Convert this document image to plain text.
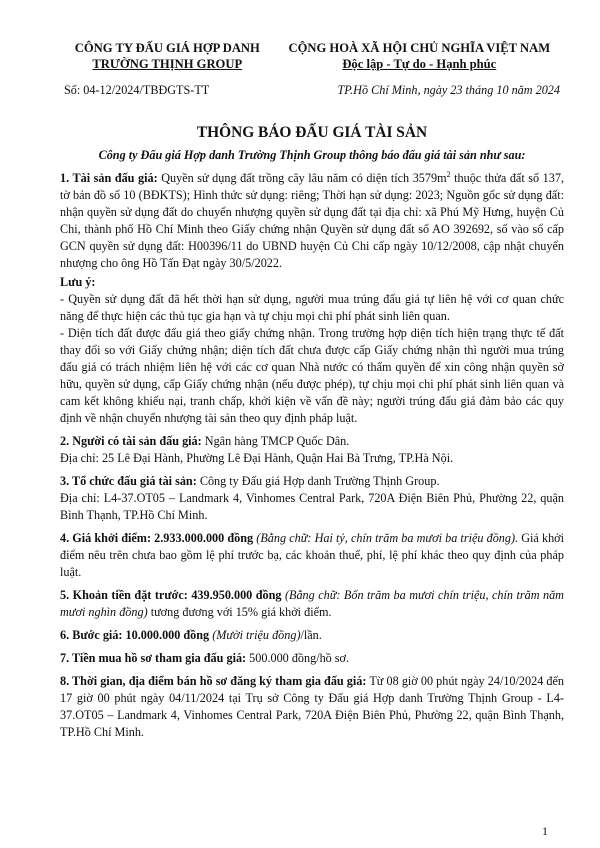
CÔNG TY ĐẤU GIÁ HỢP DANH
TRƯỜNG THỊNH GROUP
CỘNG HOÀ XÃ HỘI CHỦ NGHĨA VIỆT NAM
Độc lập - Tự do - Hạnh phúc
Số: 04-12/2024/TBĐGTS-TT	TP.Hồ Chí Minh, ngày 23 tháng 10 năm 2024
THÔNG BÁO ĐẤU GIÁ TÀI SẢN
Công ty Đấu giá Hợp danh Trường Thịnh Group thông báo đấu giá tài sản như sau:

1. Tài sản đấu giá: Quyền sử dụng đất trồng cây lâu năm có diện tích $3579m^2$ thuộc thửa đất số 137, tờ bản đồ số 10 (BĐKTS); Hình thức sử dụng: riêng; Thời hạn sử dụng: 2023; Nguồn gốc sử dụng đất: nhận quyền sử dụng đất do chuyển nhượng quyền sử dụng đất tại địa chỉ: xã Phú Mỹ Hưng, huyện Củ Chi, thành phố Hồ Chí Minh theo Giấy chứng nhận Quyền sử dụng đất số AO 392692, số vào sổ cấp GCN quyền sử dụng đất: H00396/11 do UBND huyện Củ Chi cấp ngày 10/12/2008, cập nhật chuyển nhượng cho ông Hồ Tấn Đạt ngày 30/5/2022.

Lưu ý:

- Quyền sử dụng đất đã hết thời hạn sử dụng, người mua trúng đấu giá tự liên hệ với cơ quan chức năng để thực hiện các thủ tục gia hạn và tự chịu mọi chi phí phát sinh liên quan.

- Diện tích đất được đấu giá theo giấy chứng nhận. Trong trường hợp diện tích hiện trạng thực tế đất thay đổi so với Giấy chứng nhận; diện tích đất chưa được cấp Giấy chứng nhận thì người mua trúng đấu giá có trách nhiệm liên hệ với các cơ quan Nhà nước có thẩm quyền để xin công nhận quyền sở hữu, quyền sử dụng, cấp Giấy chứng nhận (nếu được phép), tự chịu mọi chi phí phát sinh liên quan và cam kết không khiếu nại, tranh chấp, khởi kiện về vấn đề này; người trúng đấu giá đảm bảo các quy định về nhận chuyển nhượng tài sản theo quy định pháp luật.

2. Người có tài sản đấu giá: Ngân hàng TMCP Quốc Dân.

Địa chỉ: 25 Lê Đại Hành, Phường Lê Đại Hành, Quận Hai Bà Trưng, TP.Hà Nội.

3. Tổ chức đấu giá tài sản: Công ty Đấu giá Hợp danh Trường Thịnh Group.

Địa chỉ: L4-37.OT05 – Landmark 4, Vinhomes Central Park, 720A Điện Biên Phủ, Phường 22, quận Bình Thạnh, TP.Hồ Chí Minh.

4. Giá khởi điểm: 2.933.000.000 đồng (Bằng chữ: Hai tỷ, chín trăm ba mươi ba triệu đồng). Giá khởi điểm nêu trên chưa bao gồm lệ phí trước bạ, các khoản thuế, phí, lệ phí khác theo quy định của pháp luật.

5. Khoản tiền đặt trước: 439.950.000 đồng (Bằng chữ: Bốn trăm ba mươi chín triệu, chín trăm năm mươi nghìn đồng) tương đương với 15% giá khởi điểm.

6. Bước giá: 10.000.000 đồng (Mười triệu đồng)/lần.

7. Tiền mua hồ sơ tham gia đấu giá: 500.000 đồng/hồ sơ.

8. Thời gian, địa điểm bán hồ sơ đăng ký tham gia đấu giá: Từ 08 giờ 00 phút ngày 24/10/2024 đến 17 giờ 00 phút ngày 04/11/2024 tại Trụ sở Công ty Đấu giá Hợp danh Trường Thịnh Group - L4-37.OT05 – Landmark 4, Vinhomes Central Park, 720A Điện Biên Phủ, Phường 22, quận Bình Thạnh, TP.Hồ Chí Minh.

1
